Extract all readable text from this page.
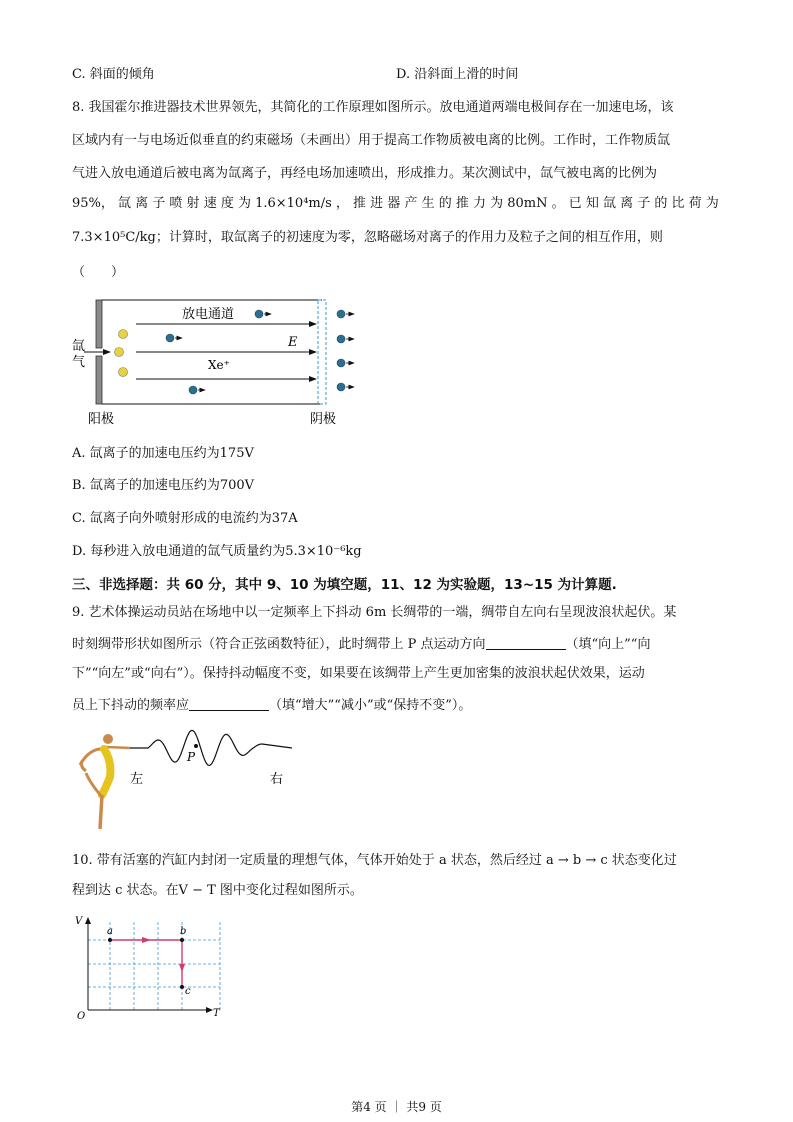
C. 斜面的倾角	D. 沿斜面上滑的时间
8. 我国霍尔推进器技术世界领先，其简化的工作原理如图所示。放电通道两端电极间存在一加速电场，该
区域内有一与电场近似垂直的约束磁场（未画出）用于提高工作物质被电离的比例。工作时，工作物质氙
气进入放电通道后被电离为氙离子，再经电场加速喷出，形成推力。某次测试中，氙气被电离的比例为
95%， 氙 离 子 喷 射 速 度 为 1.6×10⁴m/s ， 推 进 器 产 生 的 推 力 为 80mN 。 已 知 氙 离 子 的 比 荷 为
7.3×10⁵C/kg；计算时，取氙离子的初速度为零，忽略磁场对离子的作用力及粒子之间的相互作用，则
（　　）
放电通道
E
Xe⁺
氙气
阳极	阴极
A. 氙离子的加速电压约为175V
B. 氙离子的加速电压约为700V
C. 氙离子向外喷射形成的电流约为37A
D. 每秒进入放电通道的氙气质量约为5.3×10⁻⁶kg
三、非选择题：共 60 分，其中 9、10 为填空题，11、12 为实验题，13~15 为计算题.
9. 艺术体操运动员站在场地中以一定频率上下抖动 6m 长绸带的一端，绸带自左向右呈现波浪状起伏。某
时刻绸带形状如图所示（符合正弦函数特征），此时绸带上 P 点运动方向	（填“向上”“向
下”“向左”或“向右”）。保持抖动幅度不变，如果要在该绸带上产生更加密集的波浪状起伏效果，运动
员上下抖动的频率应	（填“增大”“减小”或“保持不变”）。
P
左	右
10. 带有活塞的汽缸内封闭一定质量的理想气体，气体开始处于 a 状态，然后经过 a → b → c 状态变化过
程到达 c 状态。在V − T 图中变化过程如图所示。
V
T
O
a	b
c
第4 页 ｜ 共9 页
